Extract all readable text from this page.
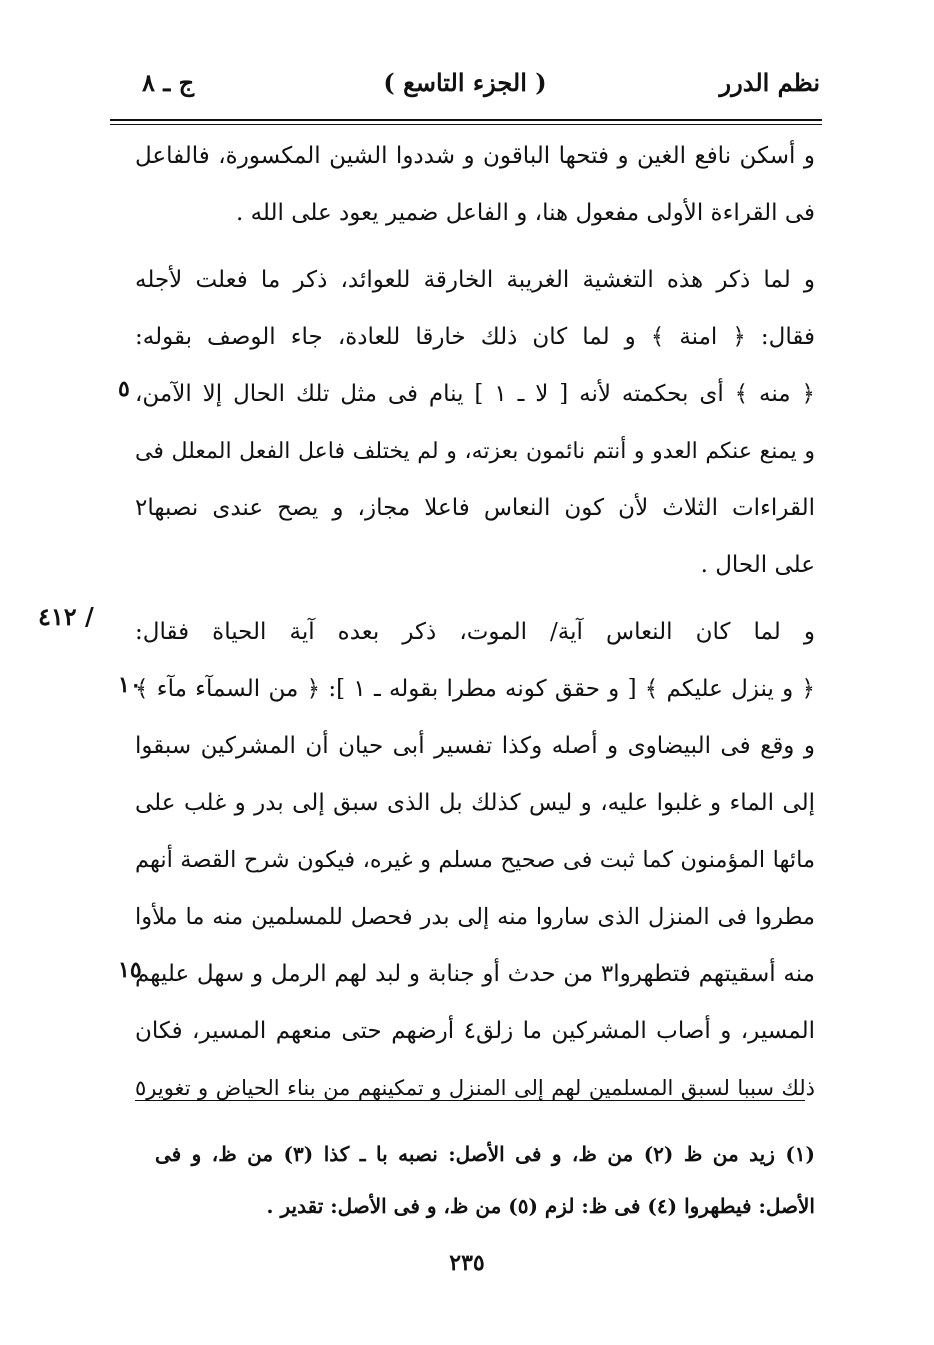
نظم الدرر
( الجزء التاسع )
ج ـ ٨
و أسكن نافع الغين و فتحها الباقون و شددوا الشين المكسورة، فالفاعل
فى القراءة الأولى مفعول هنا، و الفاعل ضمير يعود على الله .
و لما ذكر هذه التغشية الغريبة الخارقة للعوائد، ذكر ما فعلت لأجله
فقال: ﴿ امنة ﴾ و لما كان ذلك خارقا للعادة، جاء الوصف بقوله:
﴿ منه ﴾ أى بحكمته لأنه [ لا ـ ١ ] ينام فى مثل تلك الحال إلا الآمن،
و يمنع عنكم العدو و أنتم نائمون بعزته، و لم يختلف فاعل الفعل المعلل فى
القراءات الثلاث لأن كون النعاس فاعلا مجاز، و يصح عندى نصبها٢
على الحال .
و لما كان النعاس آية/ الموت، ذكر بعده آية الحياة فقال:
﴿ و ينزل عليكم ﴾ [ و حقق كونه مطرا بقوله ـ ١ ]: ﴿ من السمآء مآء ﴾
و وقع فى البيضاوى و أصله وكذا تفسير أبى حيان أن المشركين سبقوا
إلى الماء و غلبوا عليه، و ليس كذلك بل الذى سبق إلى بدر و غلب على
مائها المؤمنون كما ثبت فى صحيح مسلم و غيره، فيكون شرح القصة أنهم
مطروا فى المنزل الذى ساروا منه إلى بدر فحصل للمسلمين منه ما ملأوا
منه أسقيتهم فتطهروا٣ من حدث أو جنابة و لبد لهم الرمل و سهل عليهم
المسير، و أصاب المشركين ما زلق٤ أرضهم حتى منعهم المسير، فكان
ذلك سببا لسبق المسلمين لهم إلى المنزل و تمكينهم من بناء الحياض و تغوير٥
٥
١٠
١٥
/ ٤١٢
(١) زيد من ظ (٢) من ظ، و فى الأصل: نصبه با ـ كذا (٣) من ظ، و فى
الأصل: فيطهروا (٤) فى ظ: لزم (٥) من ظ، و فى الأصل: تقدير .
٢٣٥
